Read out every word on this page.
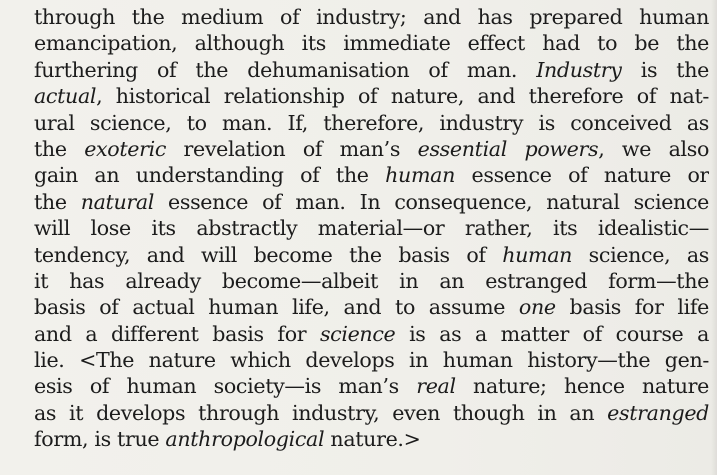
through the medium of industry; and has prepared human
emancipation, although its immediate effect had to be the
furthering of the dehumanisation of man. Industry is the
actual, historical relationship of nature, and therefore of nat-
ural science, to man. If, therefore, industry is conceived as
the exoteric revelation of man’s essential powers, we also
gain an understanding of the human essence of nature or
the natural essence of man. In consequence, natural science
will lose its abstractly material—or rather, its idealistic—
tendency, and will become the basis of human science, as
it has already become—albeit in an estranged form—the
basis of actual human life, and to assume one basis for life
and a different basis for science is as a matter of course a
lie. <The nature which develops in human history—the gen-
esis of human society—is man’s real nature; hence nature
as it develops through industry, even though in an estranged
form, is true anthropological nature.>
